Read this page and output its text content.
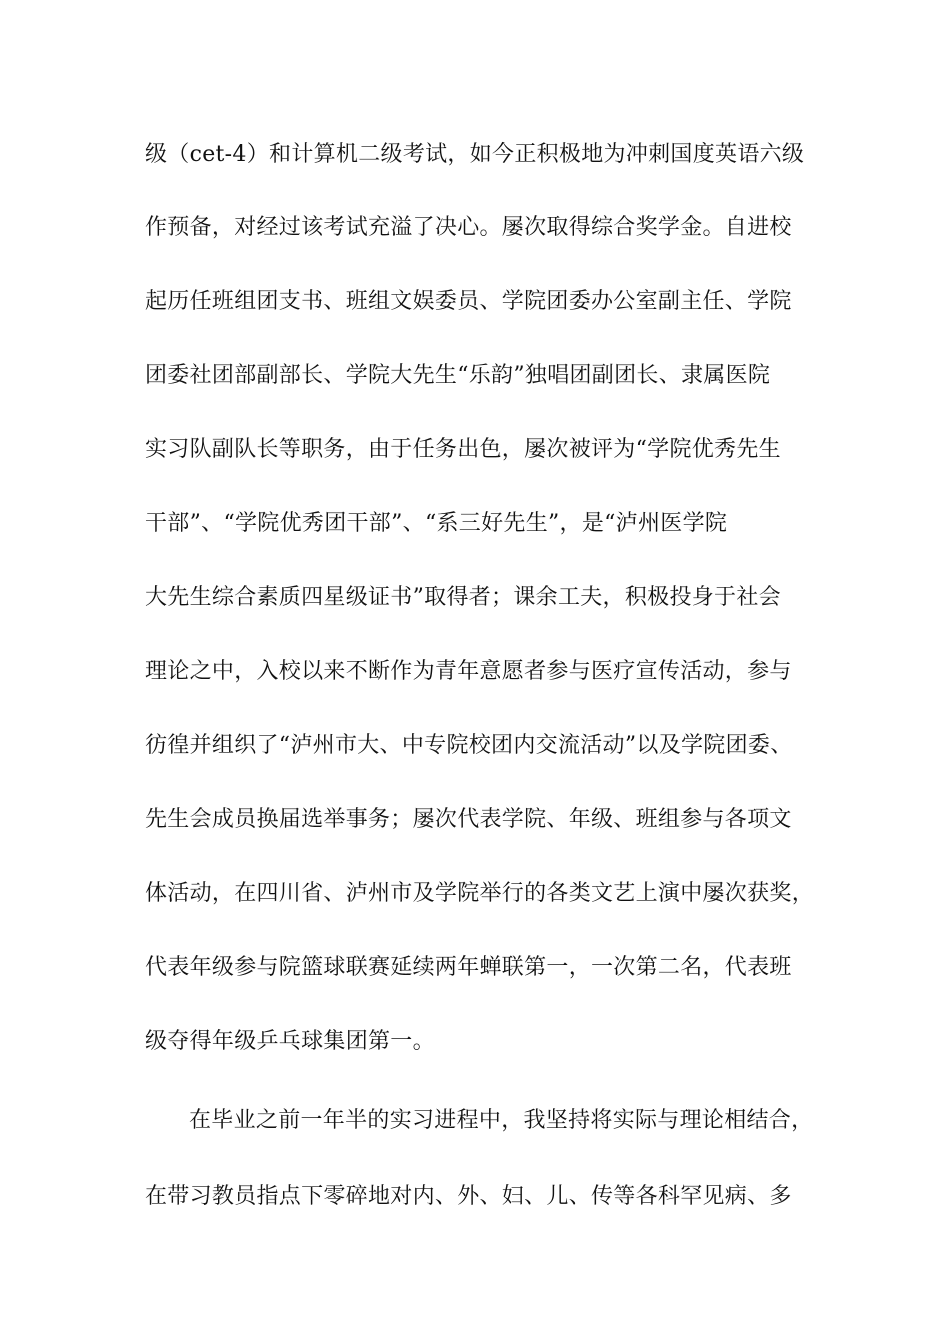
级（cet-4）和计算机二级考试，如今正积极地为冲刺国度英语六级
作预备，对经过该考试充溢了决心。屡次取得综合奖学金。自进校
起历任班组团支书、班组文娱委员、学院团委办公室副主任、学院
团委社团部副部长、学院大先生“乐韵”独唱团副团长、隶属医院
实习队副队长等职务，由于任务出色，屡次被评为“学院优秀先生
干部”、“学院优秀团干部”、“系三好先生”，是“泸州医学院
大先生综合素质四星级证书”取得者；课余工夫，积极投身于社会
理论之中，入校以来不断作为青年意愿者参与医疗宣传活动，参与
彷徨并组织了“泸州市大、中专院校团内交流活动”以及学院团委、
先生会成员换届选举事务；屡次代表学院、年级、班组参与各项文
体活动，在四川省、泸州市及学院举行的各类文艺上演中屡次获奖，
代表年级参与院篮球联赛延续两年蝉联第一，一次第二名，代表班
级夺得年级乒乓球集团第一。
在毕业之前一年半的实习进程中，我坚持将实际与理论相结合，
在带习教员指点下零碎地对内、外、妇、儿、传等各科罕见病、多
